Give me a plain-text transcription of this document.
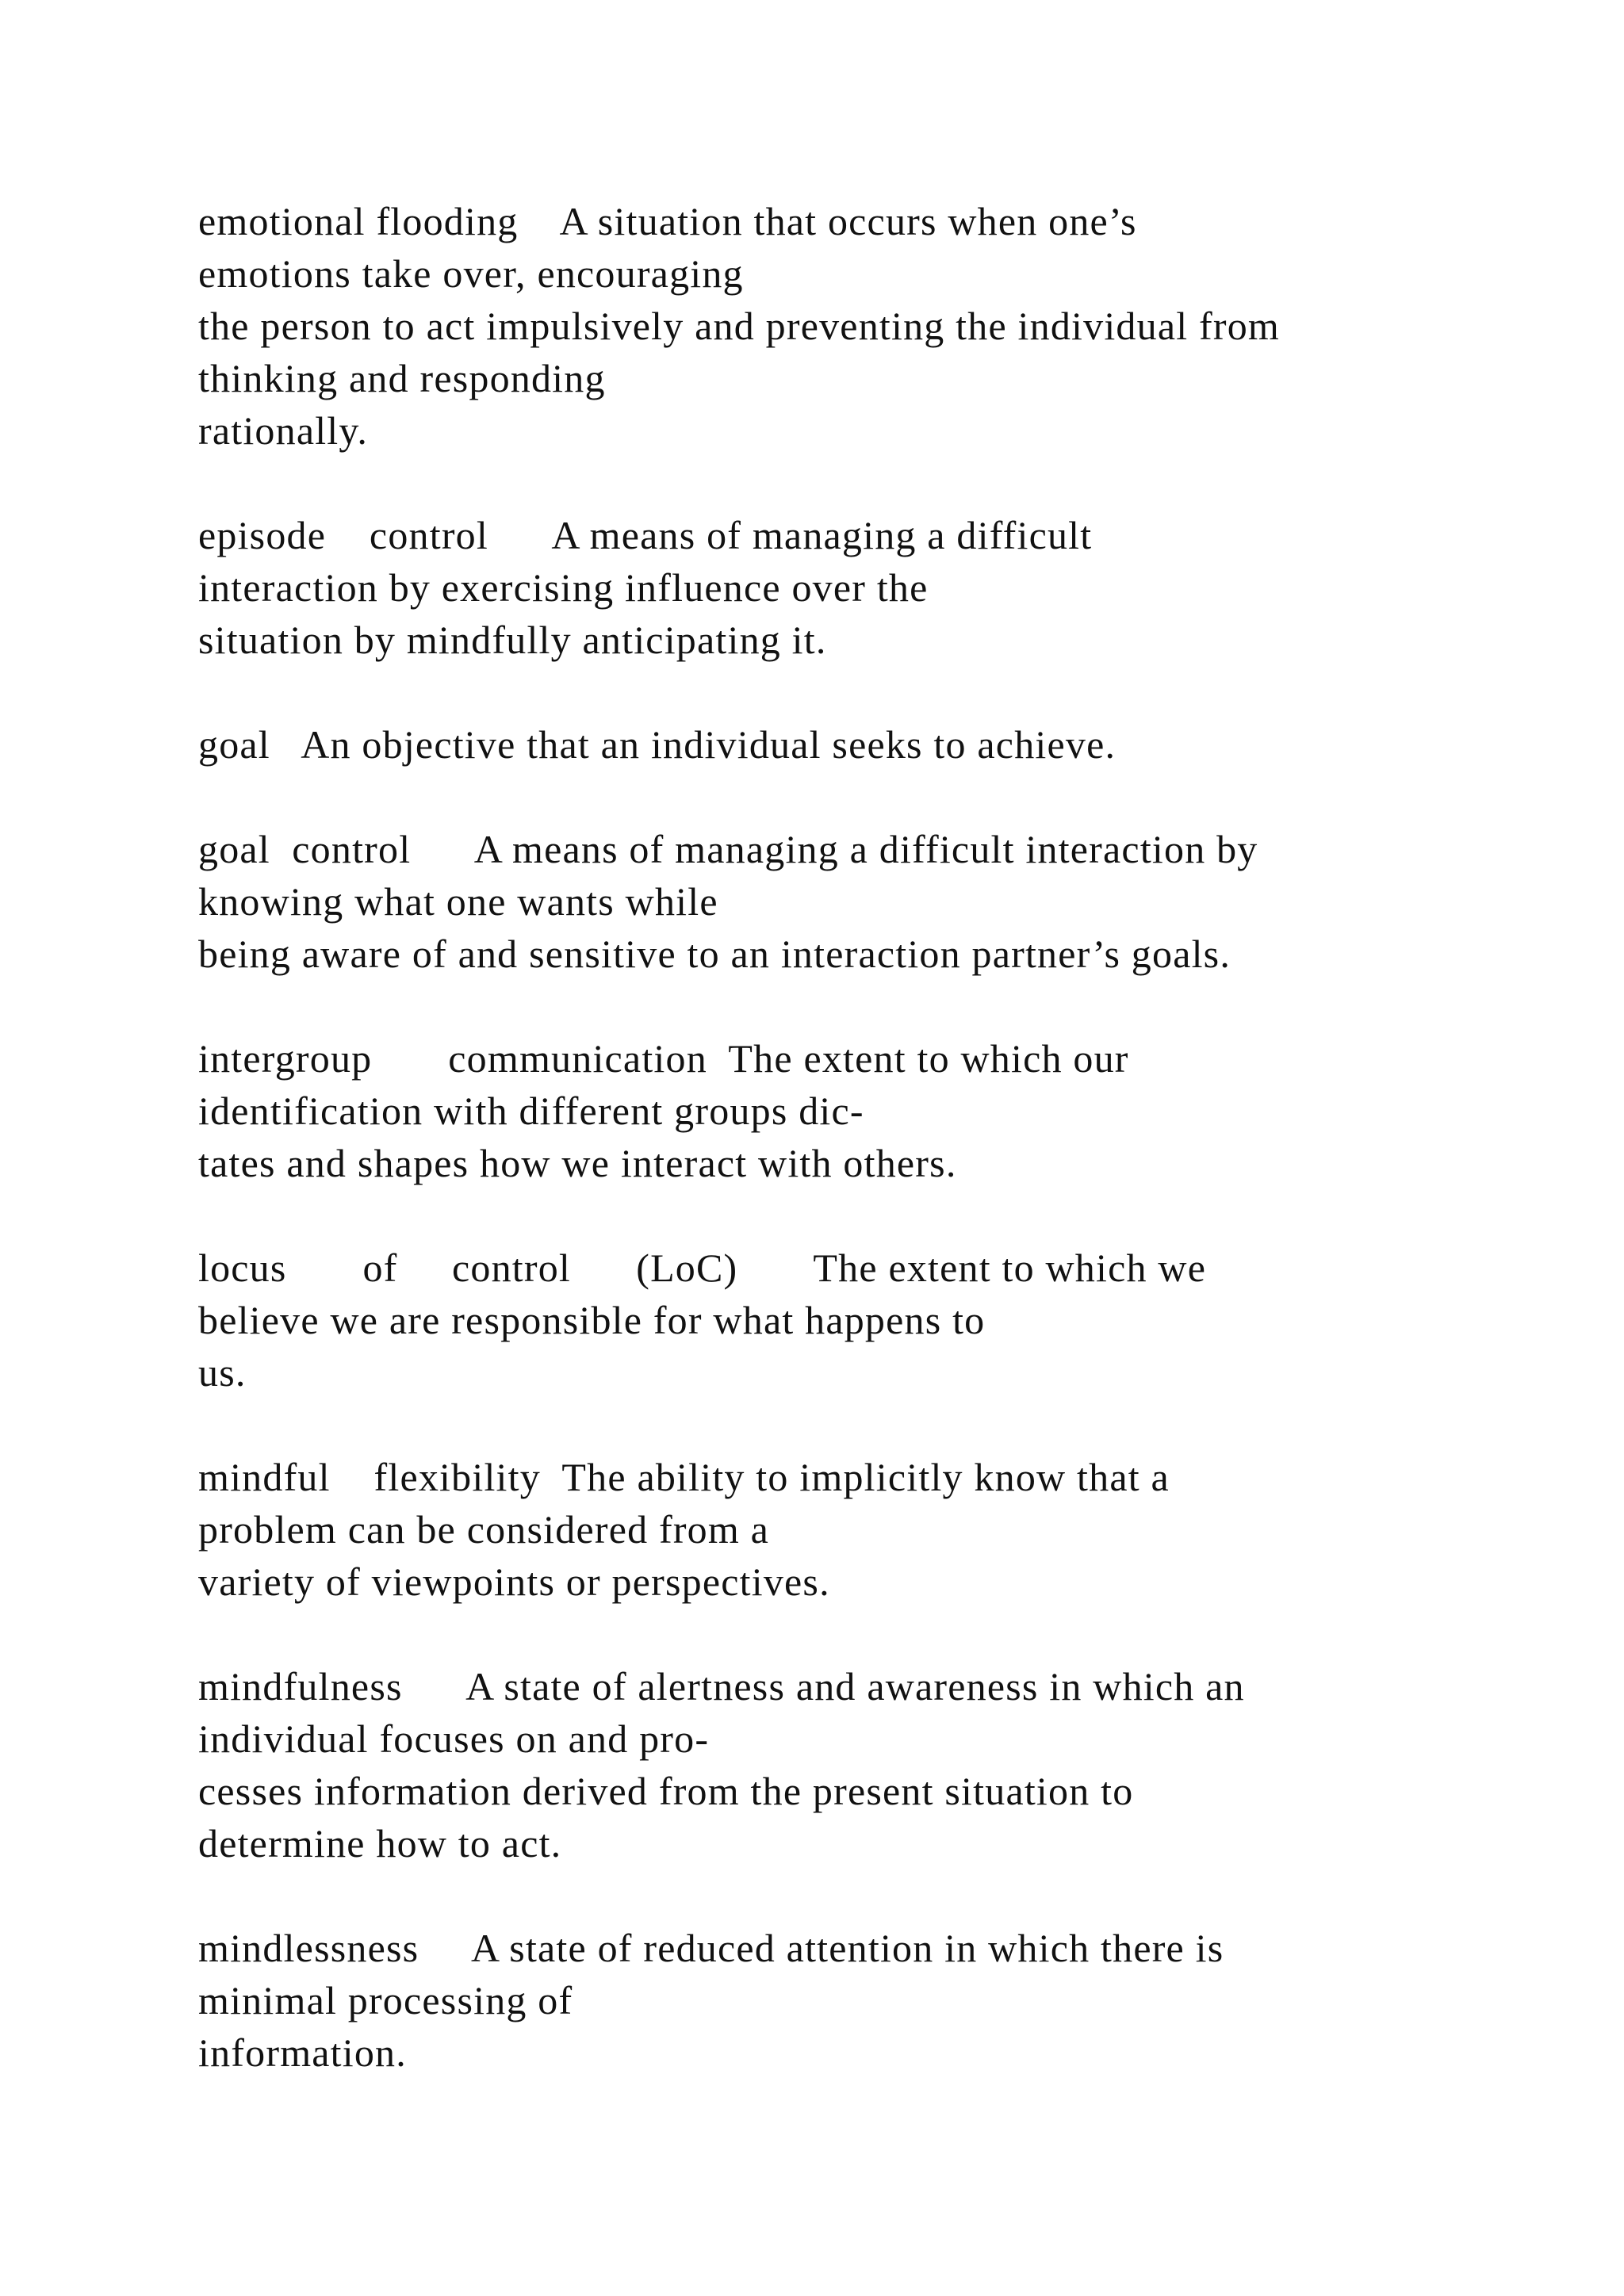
emotional flooding    A situation that occurs when one’s
emotions take over, encouraging
the person to act impulsively and preventing the individual from
thinking and responding
rationally.
episode    control      A means of managing a difficult
interaction by exercising influence over the
situation by mindfully anticipating it.
goal   An objective that an individual seeks to achieve.
goal  control      A means of managing a difficult interaction by
knowing what one wants while
being aware of and sensitive to an interaction partner’s goals.
intergroup       communication  The extent to which our
identification with different groups dic-
tates and shapes how we interact with others.
locus       of     control      (LoC)       The extent to which we
believe we are responsible for what happens to
us.
mindful    flexibility  The ability to implicitly know that a
problem can be considered from a
variety of viewpoints or perspectives.
mindfulness      A state of alertness and awareness in which an
individual focuses on and pro-
cesses information derived from the present situation to
determine how to act.
mindlessness     A state of reduced attention in which there is
minimal processing of
information.
